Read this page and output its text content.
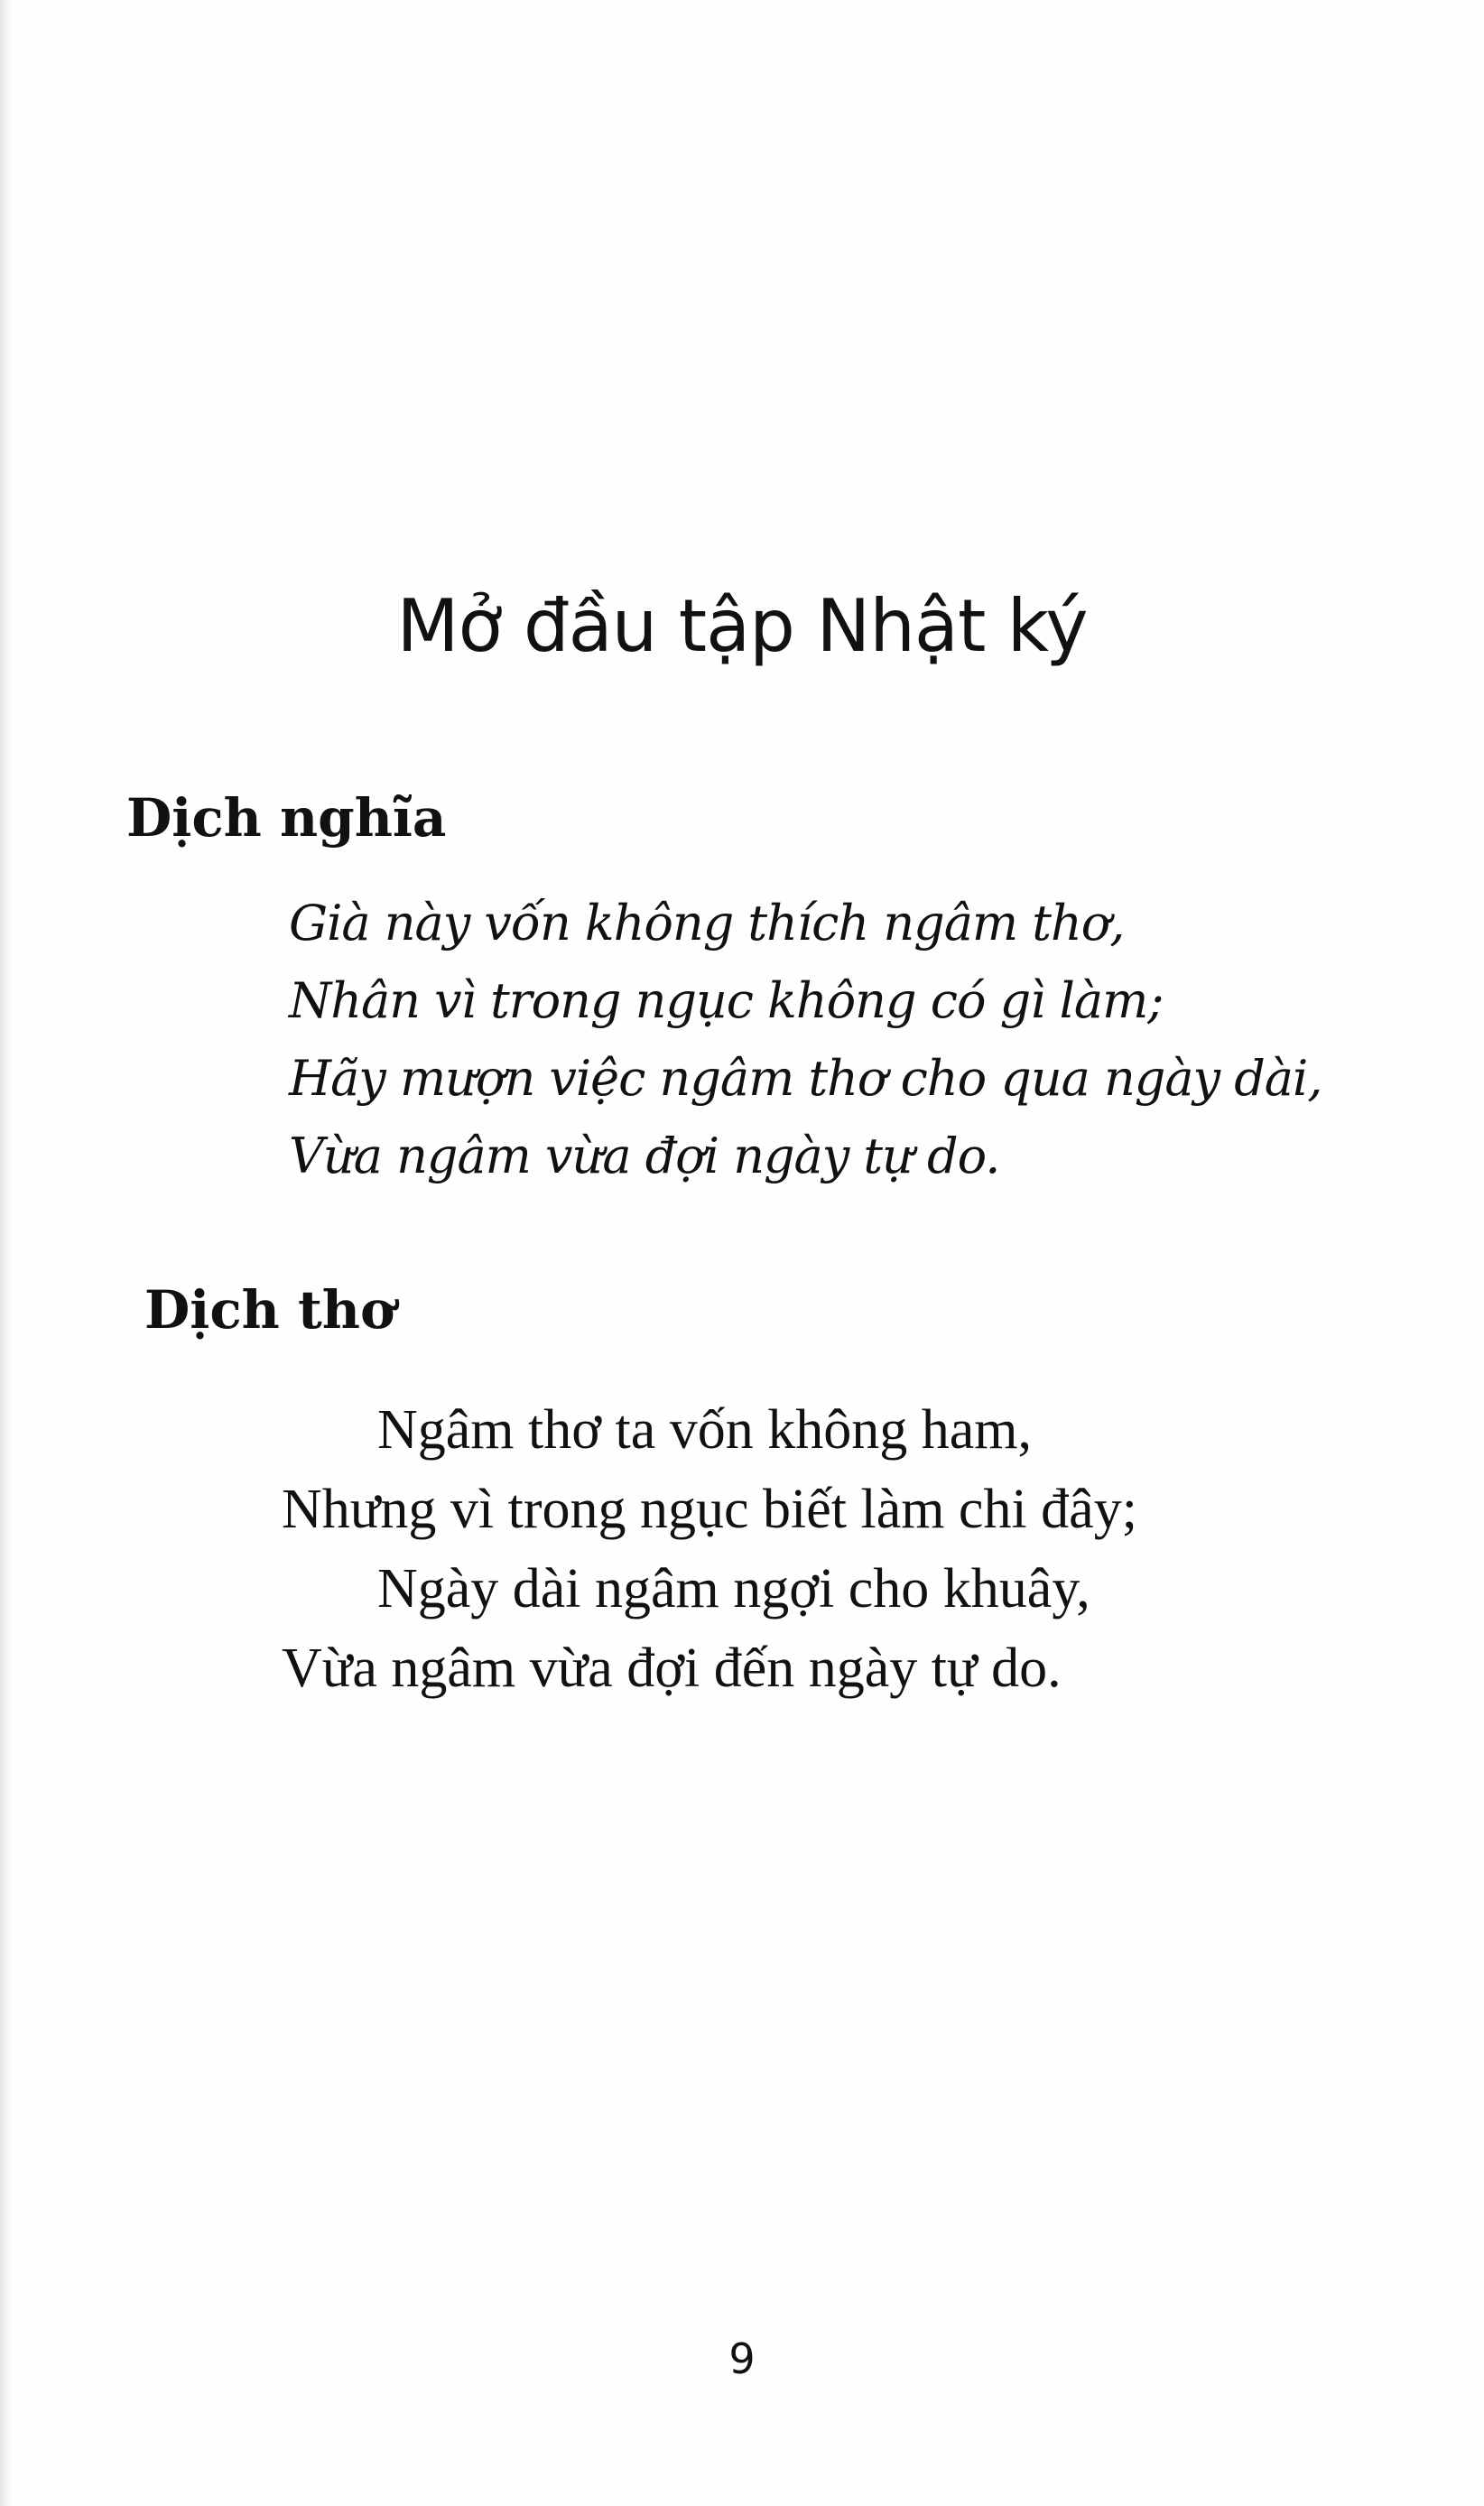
Mở đầu tập Nhật ký
Dịch nghĩa
Già này vốn không thích ngâm thơ,
Nhân vì trong ngục không có gì làm;
Hãy mượn việc ngâm thơ cho qua ngày dài,
Vừa ngâm vừa đợi ngày tự do.
Dịch thơ
Ngâm thơ ta vốn không ham,
Nhưng vì trong ngục biết làm chi đây;
Ngày dài ngâm ngợi cho khuây,
Vừa ngâm vừa đợi đến ngày tự do.

9
